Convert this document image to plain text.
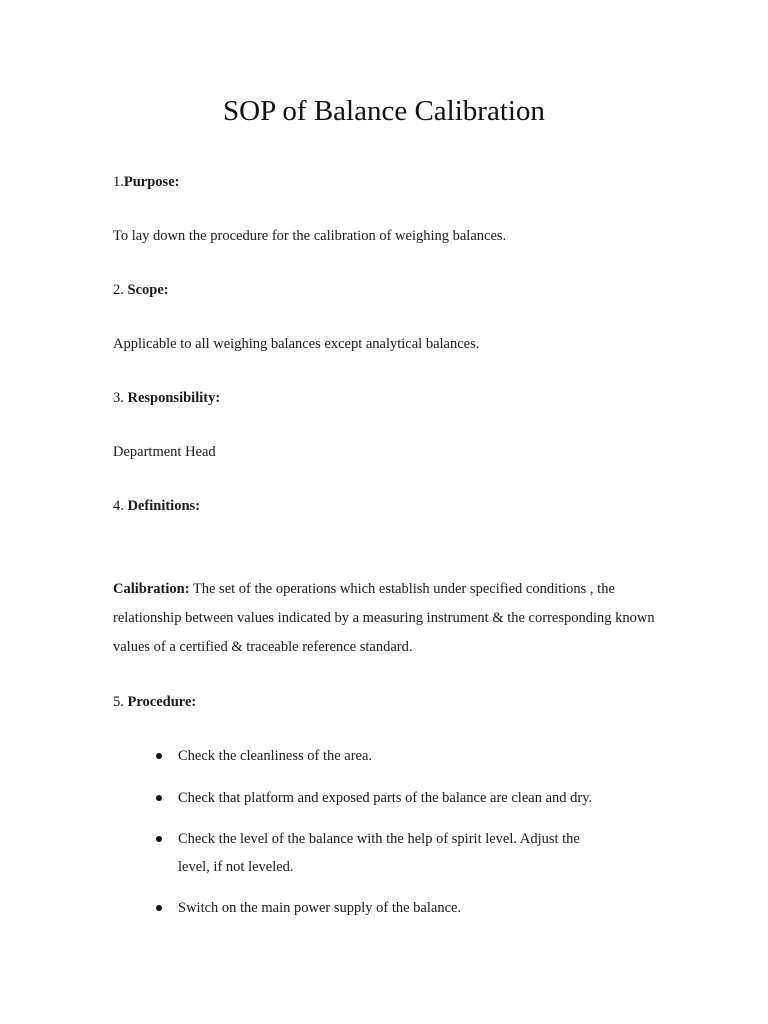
SOP of Balance Calibration

1.Purpose:

To lay down the procedure for the calibration of weighing balances.

2. Scope:

Applicable to all weighing balances except analytical balances.

3. Responsibility:

Department Head

4. Definitions:

Calibration: The set of the operations which establish under specified conditions , the relationship between values indicated by a measuring instrument & the corresponding known values of a certified & traceable reference standard.

5. Procedure:

Check the cleanliness of the area.
Check that platform and exposed parts of the balance are clean and dry.
Check the level of the balance with the help of spirit level. Adjust the
level, if not leveled.
Switch on the main power supply of the balance.
